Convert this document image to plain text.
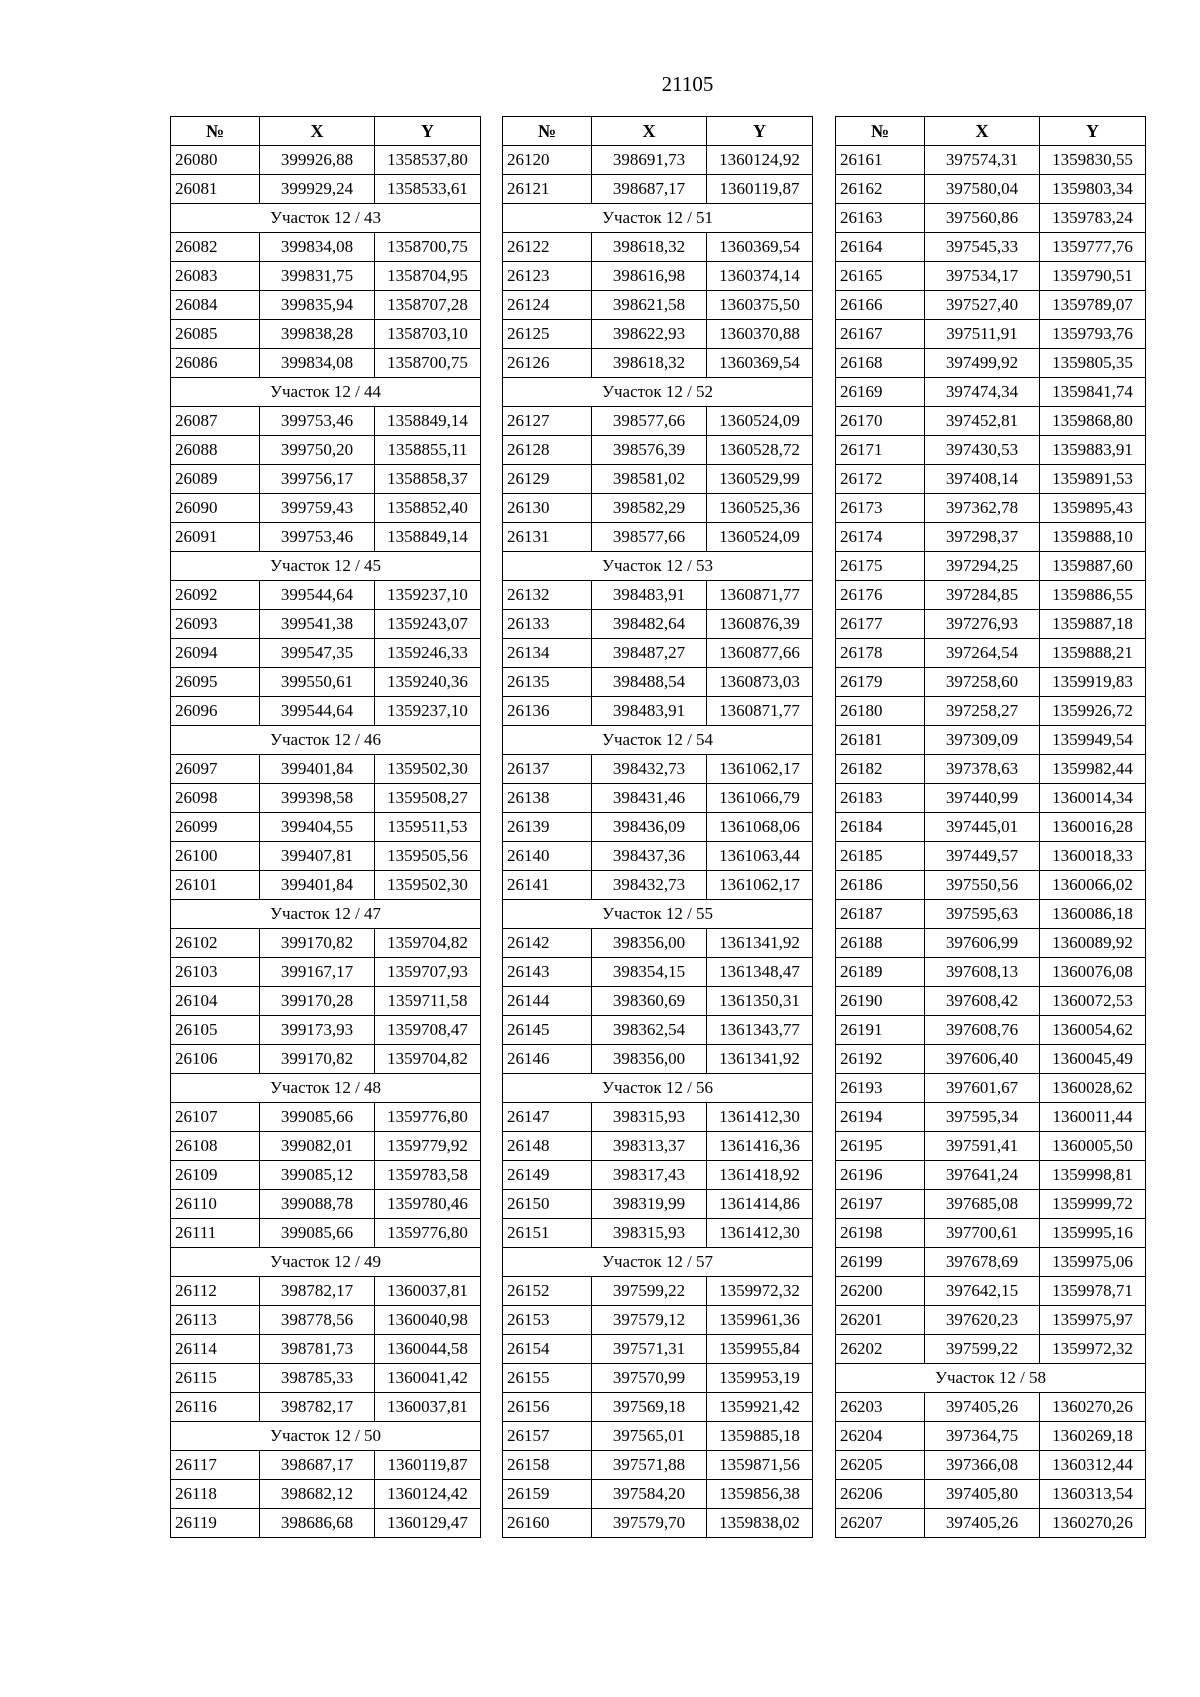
21105
№	X	Y
26080	399926,88	1358537,80
26081	399929,24	1358533,61
Участок 12 / 43		
26082	399834,08	1358700,75
26083	399831,75	1358704,95
26084	399835,94	1358707,28
26085	399838,28	1358703,10
26086	399834,08	1358700,75
Участок 12 / 44		
26087	399753,46	1358849,14
26088	399750,20	1358855,11
26089	399756,17	1358858,37
26090	399759,43	1358852,40
26091	399753,46	1358849,14
Участок 12 / 45		
26092	399544,64	1359237,10
26093	399541,38	1359243,07
26094	399547,35	1359246,33
26095	399550,61	1359240,36
26096	399544,64	1359237,10
Участок 12 / 46		
26097	399401,84	1359502,30
26098	399398,58	1359508,27
26099	399404,55	1359511,53
26100	399407,81	1359505,56
26101	399401,84	1359502,30
Участок 12 / 47		
26102	399170,82	1359704,82
26103	399167,17	1359707,93
26104	399170,28	1359711,58
26105	399173,93	1359708,47
26106	399170,82	1359704,82
Участок 12 / 48		
26107	399085,66	1359776,80
26108	399082,01	1359779,92
26109	399085,12	1359783,58
26110	399088,78	1359780,46
26111	399085,66	1359776,80
Участок 12 / 49		
26112	398782,17	1360037,81
26113	398778,56	1360040,98
26114	398781,73	1360044,58
26115	398785,33	1360041,42
26116	398782,17	1360037,81
Участок 12 / 50		
26117	398687,17	1360119,87
26118	398682,12	1360124,42
26119	398686,68	1360129,47
№	X	Y
26120	398691,73	1360124,92
26121	398687,17	1360119,87
Участок 12 / 51		
26122	398618,32	1360369,54
26123	398616,98	1360374,14
26124	398621,58	1360375,50
26125	398622,93	1360370,88
26126	398618,32	1360369,54
Участок 12 / 52		
26127	398577,66	1360524,09
26128	398576,39	1360528,72
26129	398581,02	1360529,99
26130	398582,29	1360525,36
26131	398577,66	1360524,09
Участок 12 / 53		
26132	398483,91	1360871,77
26133	398482,64	1360876,39
26134	398487,27	1360877,66
26135	398488,54	1360873,03
26136	398483,91	1360871,77
Участок 12 / 54		
26137	398432,73	1361062,17
26138	398431,46	1361066,79
26139	398436,09	1361068,06
26140	398437,36	1361063,44
26141	398432,73	1361062,17
Участок 12 / 55		
26142	398356,00	1361341,92
26143	398354,15	1361348,47
26144	398360,69	1361350,31
26145	398362,54	1361343,77
26146	398356,00	1361341,92
Участок 12 / 56		
26147	398315,93	1361412,30
26148	398313,37	1361416,36
26149	398317,43	1361418,92
26150	398319,99	1361414,86
26151	398315,93	1361412,30
Участок 12 / 57		
26152	397599,22	1359972,32
26153	397579,12	1359961,36
26154	397571,31	1359955,84
26155	397570,99	1359953,19
26156	397569,18	1359921,42
26157	397565,01	1359885,18
26158	397571,88	1359871,56
26159	397584,20	1359856,38
26160	397579,70	1359838,02
№	X	Y
26161	397574,31	1359830,55
26162	397580,04	1359803,34
26163	397560,86	1359783,24
26164	397545,33	1359777,76
26165	397534,17	1359790,51
26166	397527,40	1359789,07
26167	397511,91	1359793,76
26168	397499,92	1359805,35
26169	397474,34	1359841,74
26170	397452,81	1359868,80
26171	397430,53	1359883,91
26172	397408,14	1359891,53
26173	397362,78	1359895,43
26174	397298,37	1359888,10
26175	397294,25	1359887,60
26176	397284,85	1359886,55
26177	397276,93	1359887,18
26178	397264,54	1359888,21
26179	397258,60	1359919,83
26180	397258,27	1359926,72
26181	397309,09	1359949,54
26182	397378,63	1359982,44
26183	397440,99	1360014,34
26184	397445,01	1360016,28
26185	397449,57	1360018,33
26186	397550,56	1360066,02
26187	397595,63	1360086,18
26188	397606,99	1360089,92
26189	397608,13	1360076,08
26190	397608,42	1360072,53
26191	397608,76	1360054,62
26192	397606,40	1360045,49
26193	397601,67	1360028,62
26194	397595,34	1360011,44
26195	397591,41	1360005,50
26196	397641,24	1359998,81
26197	397685,08	1359999,72
26198	397700,61	1359995,16
26199	397678,69	1359975,06
26200	397642,15	1359978,71
26201	397620,23	1359975,97
26202	397599,22	1359972,32
Участок 12 / 58		
26203	397405,26	1360270,26
26204	397364,75	1360269,18
26205	397366,08	1360312,44
26206	397405,80	1360313,54
26207	397405,26	1360270,26
